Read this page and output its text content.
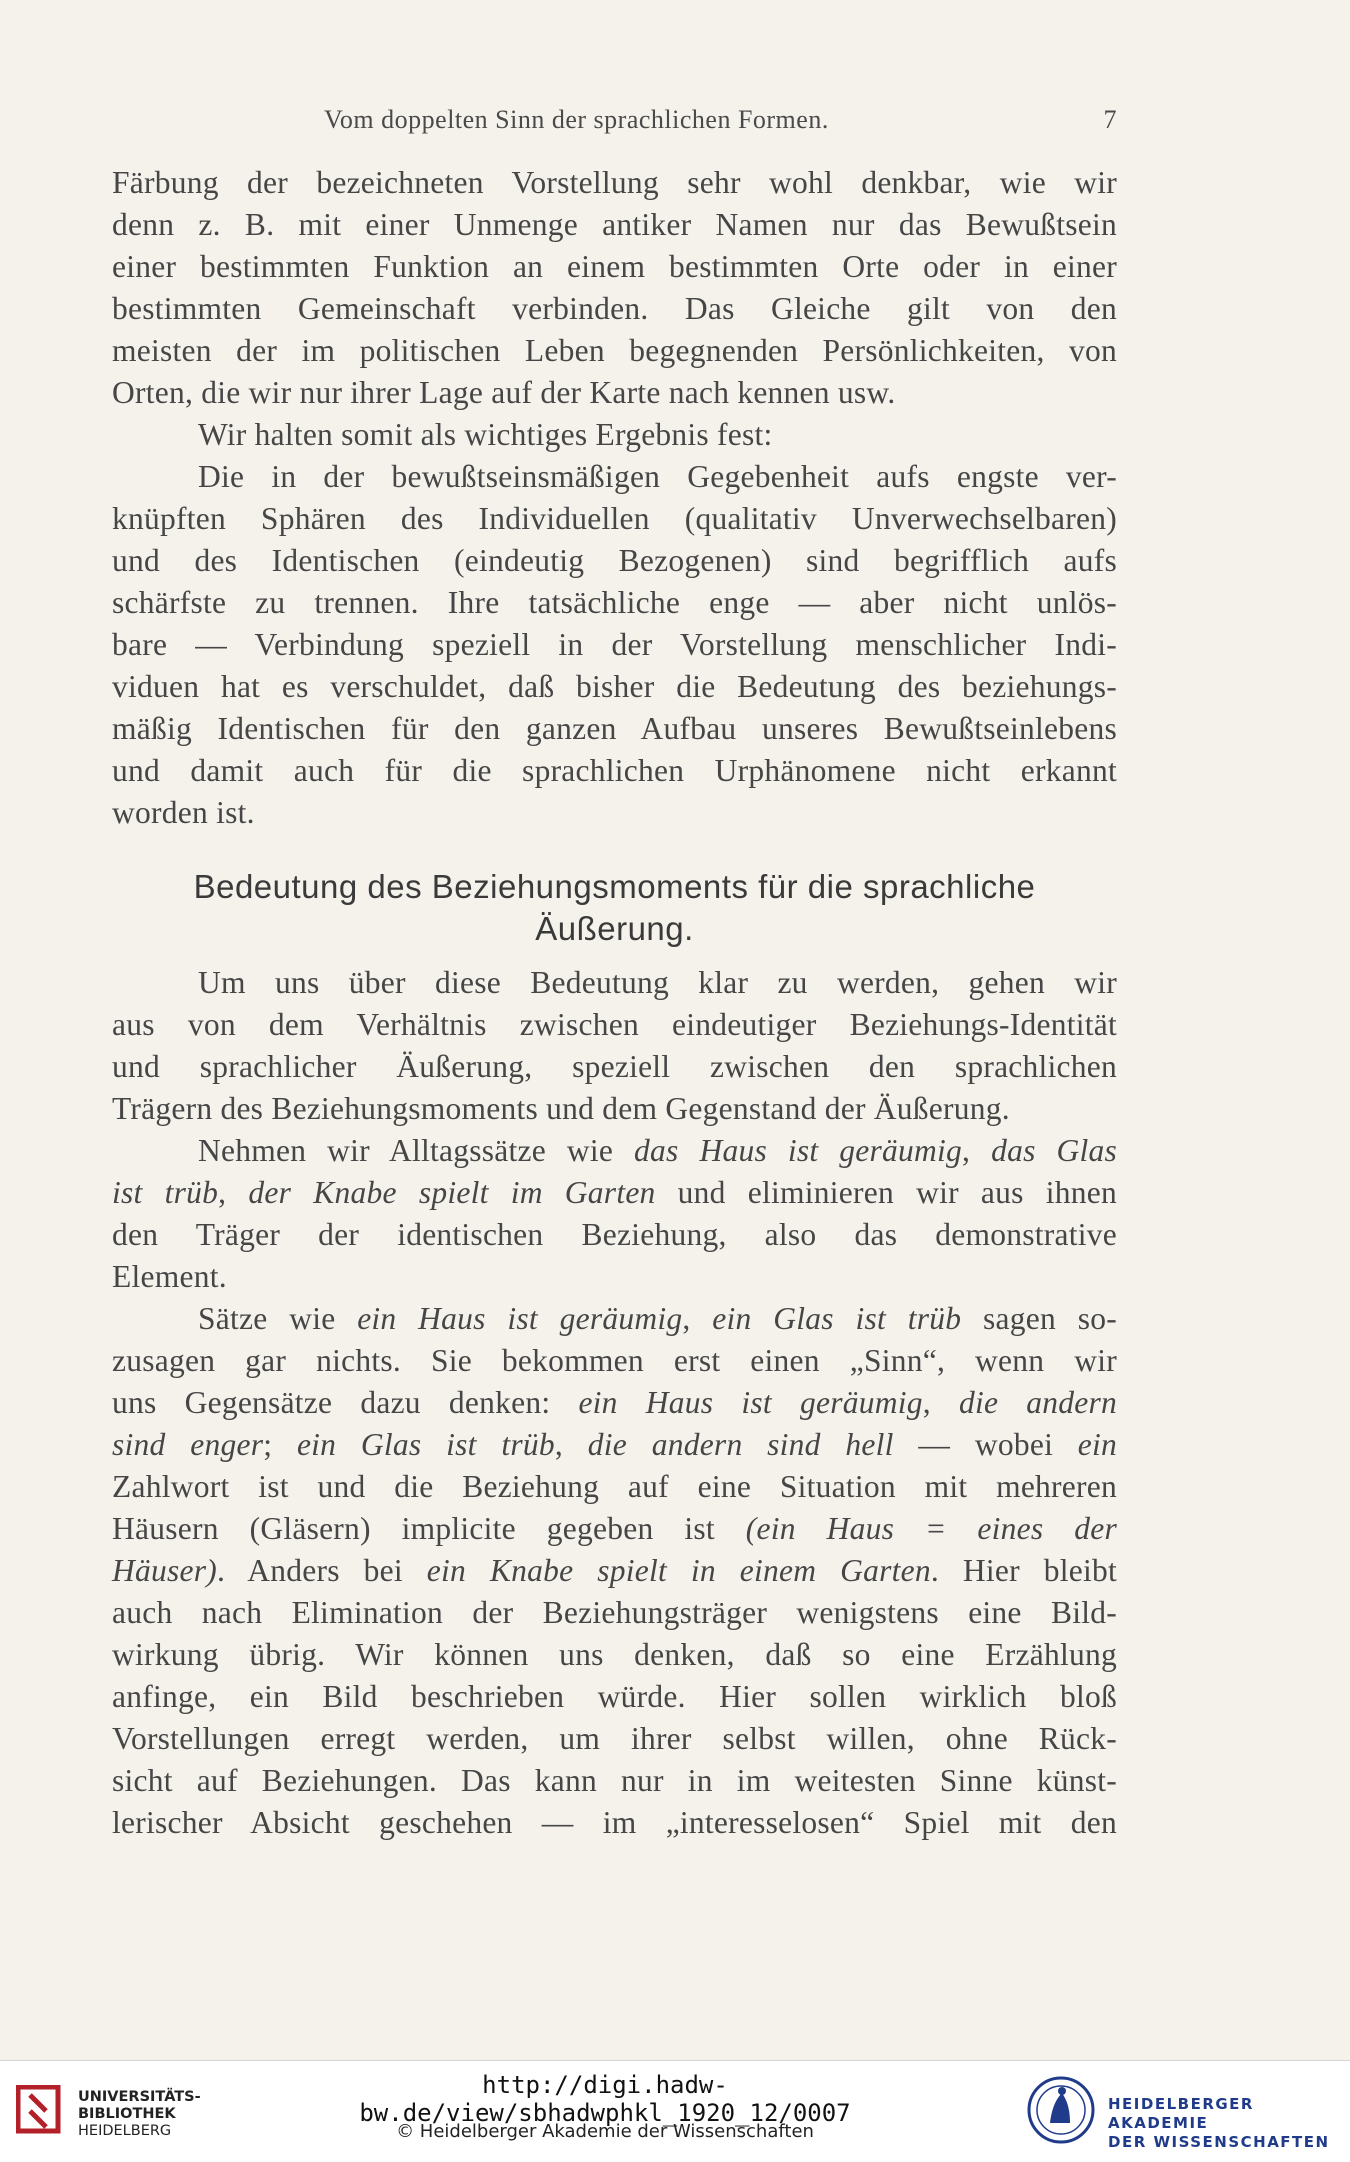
Vom doppelten Sinn der sprachlichen Formen.	7
Färbung der bezeichneten Vorstellung sehr wohl denkbar, wie wir
denn z. B. mit einer Unmenge antiker Namen nur das Bewußtsein
einer bestimmten Funktion an einem bestimmten Orte oder in einer
bestimmten Gemeinschaft verbinden. Das Gleiche gilt von den
meisten der im politischen Leben begegnenden Persönlichkeiten, von
Orten, die wir nur ihrer Lage auf der Karte nach kennen usw.
Wir halten somit als wichtiges Ergebnis fest:
Die in der bewußtseinsmäßigen Gegebenheit aufs engste ver-
knüpften Sphären des Individuellen (qualitativ Unverwechselbaren)
und des Identischen (eindeutig Bezogenen) sind begrifflich aufs
schärfste zu trennen. Ihre tatsächliche enge — aber nicht unlös-
bare — Verbindung speziell in der Vorstellung menschlicher Indi-
viduen hat es verschuldet, daß bisher die Bedeutung des beziehungs-
mäßig Identischen für den ganzen Aufbau unseres Bewußtseinlebens
und damit auch für die sprachlichen Urphänomene nicht erkannt
worden ist.
Bedeutung des Beziehungsmoments für die sprachliche
Äußerung.
Um uns über diese Bedeutung klar zu werden, gehen wir
aus von dem Verhältnis zwischen eindeutiger Beziehungs-Identität
und sprachlicher Äußerung, speziell zwischen den sprachlichen
Trägern des Beziehungsmoments und dem Gegenstand der Äußerung.
Nehmen wir Alltagssätze wie das Haus ist geräumig, das Glas
ist trüb, der Knabe spielt im Garten und eliminieren wir aus ihnen
den Träger der identischen Beziehung, also das demonstrative
Element.
Sätze wie ein Haus ist geräumig, ein Glas ist trüb sagen so-
zusagen gar nichts. Sie bekommen erst einen „Sinn“, wenn wir
uns Gegensätze dazu denken: ein Haus ist geräumig, die andern
sind enger; ein Glas ist trüb, die andern sind hell — wobei ein
Zahlwort ist und die Beziehung auf eine Situation mit mehreren
Häusern (Gläsern) implicite gegeben ist (ein Haus = eines der
Häuser). Anders bei ein Knabe spielt in einem Garten. Hier bleibt
auch nach Elimination der Beziehungsträger wenigstens eine Bild-
wirkung übrig. Wir können uns denken, daß so eine Erzählung
anfinge, ein Bild beschrieben würde. Hier sollen wirklich bloß
Vorstellungen erregt werden, um ihrer selbst willen, ohne Rück-
sicht auf Beziehungen. Das kann nur in im weitesten Sinne künst-
lerischer Absicht geschehen — im „interesselosen“ Spiel mit den
UNIVERSITÄTS-
BIBLIOTHEK
HEIDELBERG
http://digi.hadw-bw.de/view/sbhadwphkl_1920_12/0007
© Heidelberger Akademie der Wissenschaften
HEIDELBERGER AKADEMIE
DER WISSENSCHAFTEN
